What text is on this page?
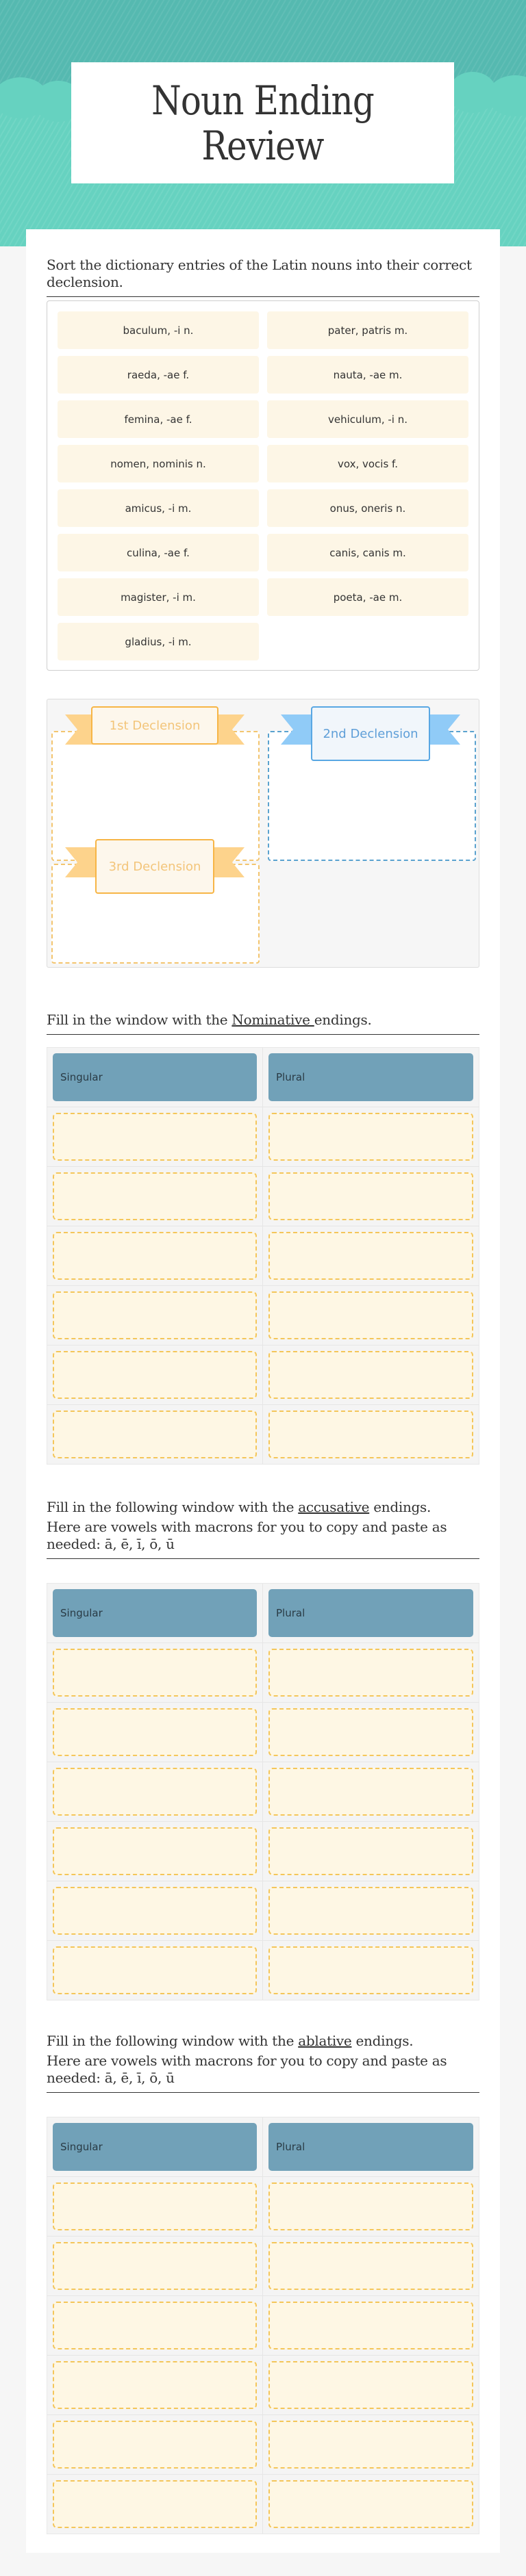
Noun Ending Review
Sort the dictionary entries of the Latin nouns into their correct declension.
baculum, -i n.	pater, patris m.
raeda, -ae f.	nauta, -ae m.
femina, -ae f.	vehiculum, -i n.
nomen, nominis n.	vox, vocis f.
amicus, -i m.	onus, oneris n.
culina, -ae f.	canis, canis m.
magister, -i m.	poeta, -ae m.
gladius, -i m.
1st Declension
2nd Declension
3rd Declension
Fill in the window with the Nominative endings.
Singular	Plural

Fill in the following window with the accusative endings.

Here are vowels with macrons for you to copy and paste as needed: ā, ē, ī, ō, ū

Singular	Plural

Fill in the following window with the ablative endings.

Here are vowels with macrons for you to copy and paste as needed: ā, ē, ī, ō, ū

Singular	Plural
